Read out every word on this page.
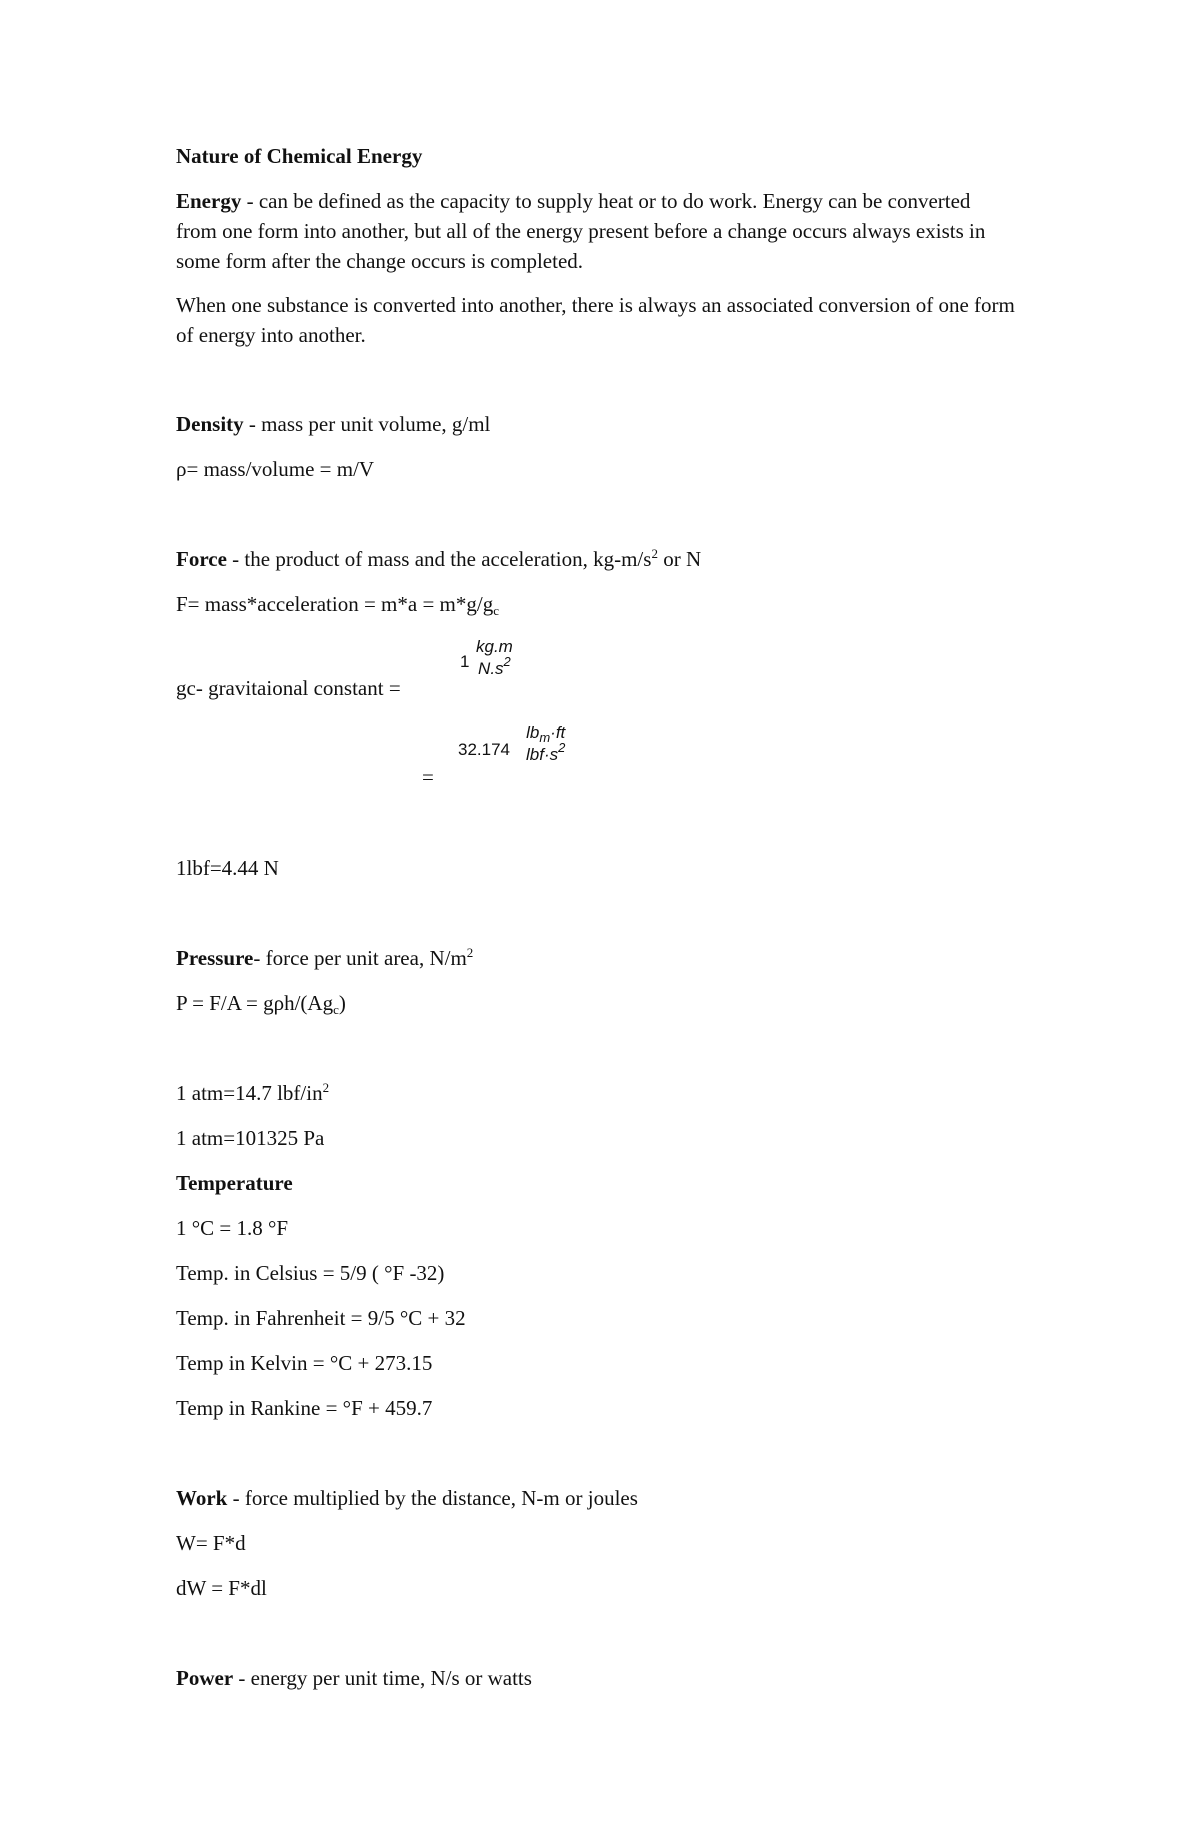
Nature of Chemical Energy
Energy - can be defined as the capacity to supply heat or to do work. Energy can be converted from one form into another, but all of the energy present before a change occurs always exists in some form after the change occurs is completed.
When one substance is converted into another, there is always an associated conversion of one form of energy into another.
Density - mass per unit volume, g/ml
ρ= mass/volume = m/V
Force - the product of mass and the acceleration, $kg-m/s^2$ or N
F= mass*acceleration = $m*a = m*g/g_c$
gc- gravitaional constant =
1
kg.m
$N.s^2$
=
32.174
$lb_m\cdot ft$
$lbf\cdot s^2$
1lbf=4.44 N
Pressure- force per unit area, $N/m^2$
P = F/A = gρh/$(Ag_c)$
1 atm=14.7 lbf/$in^2$
1 atm=101325 Pa
Temperature
1 °C = 1.8 °F
Temp. in Celsius = 5/9 ( °F -32)
Temp. in Fahrenheit = 9/5 °C + 32
Temp in Kelvin = °C + 273.15
Temp in Rankine = °F + 459.7
Work - force multiplied by the distance, N-m or joules
W= F*d
dW = F*dl
Power - energy per unit time, N/s or watts
